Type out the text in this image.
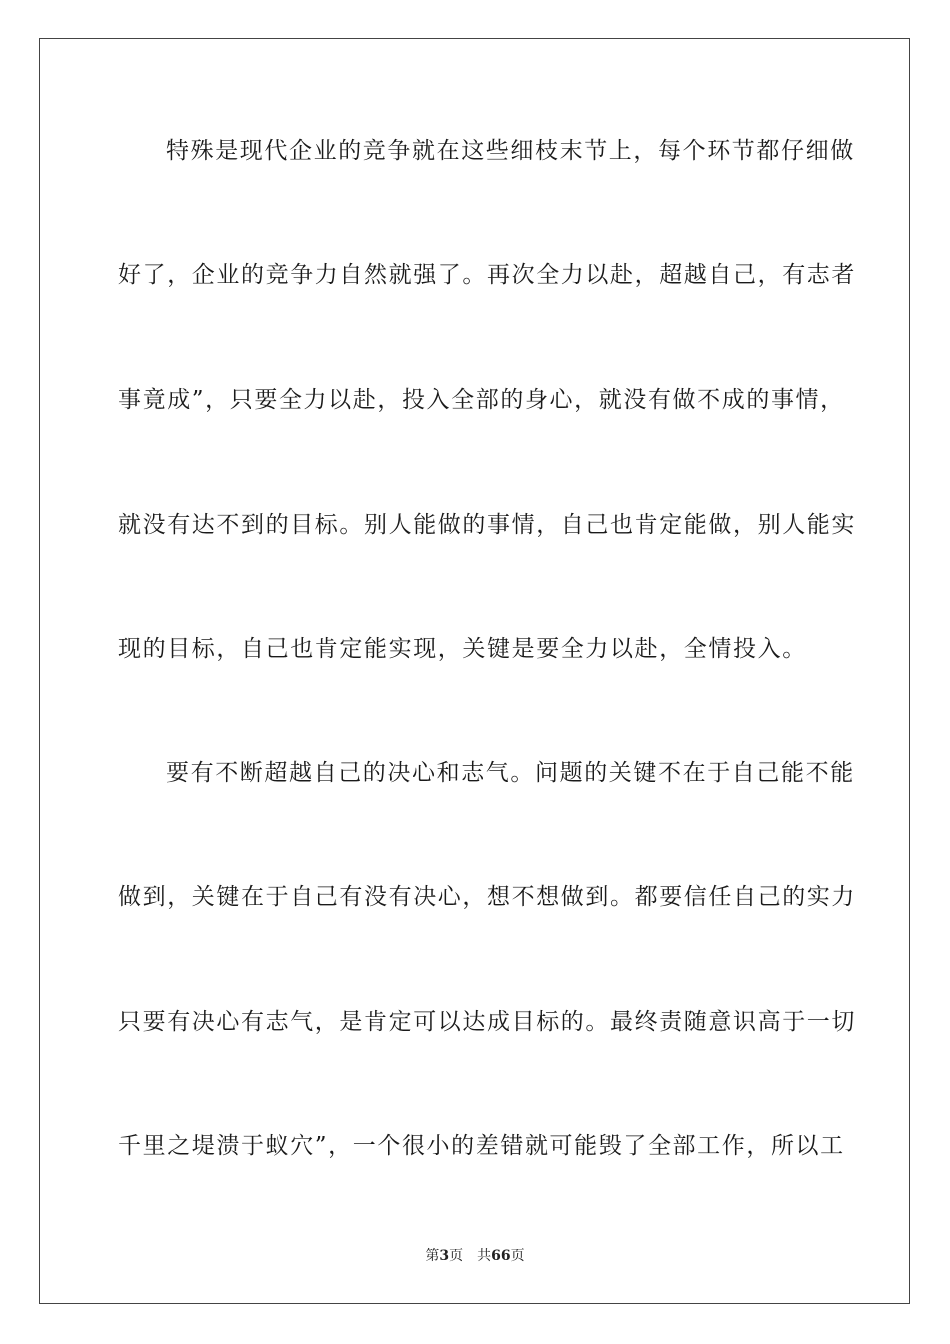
特殊是现代企业的竞争就在这些细枝末节上，每个环节都仔细做
好了，企业的竞争力自然就强了。再次全力以赴，超越自己，有志者
事竟成”，只要全力以赴，投入全部的身心，就没有做不成的事情，
就没有达不到的目标。别人能做的事情，自己也肯定能做，别人能实
现的目标，自己也肯定能实现，关键是要全力以赴，全情投入。
要有不断超越自己的决心和志气。问题的关键不在于自己能不能
做到，关键在于自己有没有决心，想不想做到。都要信任自己的实力
只要有决心有志气，是肯定可以达成目标的。最终责随意识高于一切
千里之堤溃于蚁穴”，一个很小的差错就可能毁了全部工作，所以工
第3页 共66页
